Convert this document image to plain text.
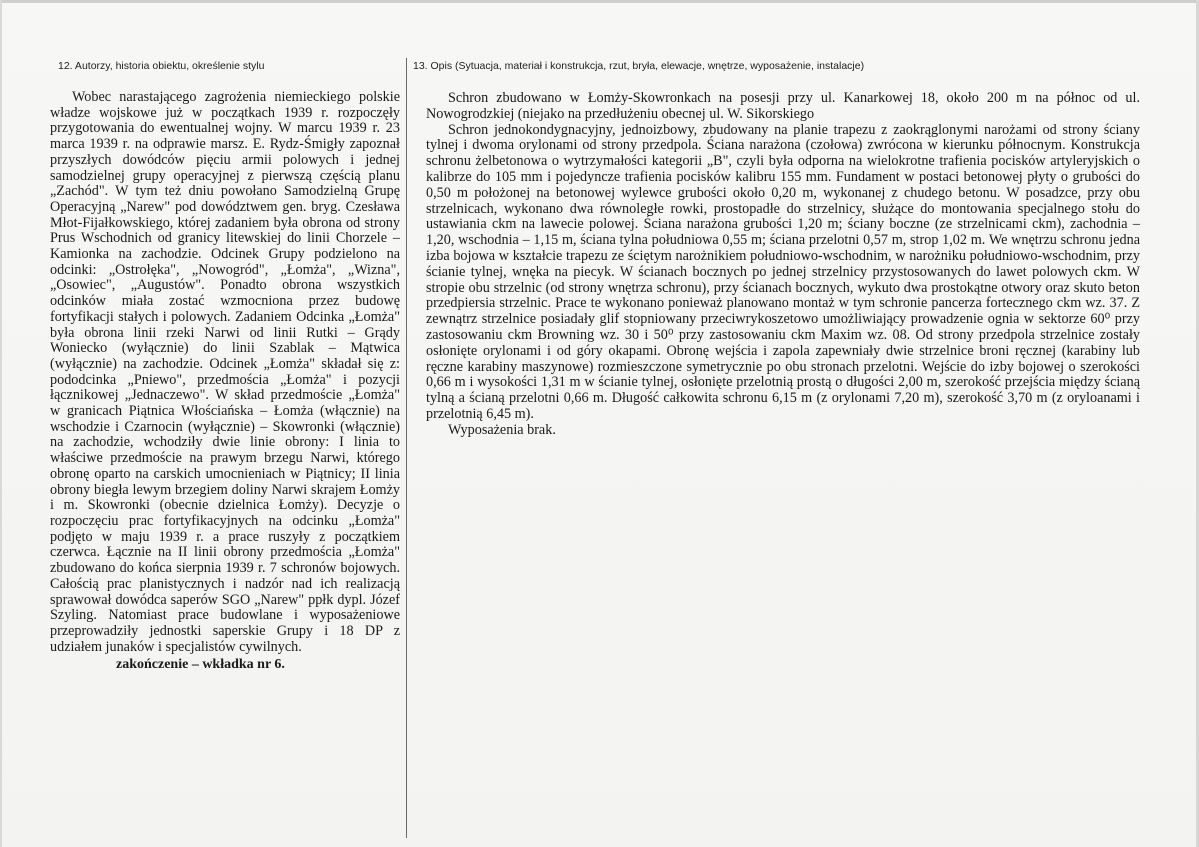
12. Autorzy, historia obiektu, określenie stylu	13. Opis (Sytuacja, materiał i konstrukcja, rzut, bryła, elewacje, wnętrze, wyposażenie, instalacje)

Wobec narastającego zagrożenia niemieckiego polskie władze wojskowe już w początkach 1939 r. rozpoczęły przygotowania do ewentualnej wojny. W marcu 1939 r. 23 marca 1939 r. na odprawie marsz. E. Rydz-Śmigły zapoznał przyszłych dowódców pięciu armii polowych i jednej samodzielnej grupy operacyjnej z pierwszą częścią planu „Zachód". W tym też dniu powołano Samodzielną Grupę Operacyjną „Narew" pod dowództwem gen. bryg. Czesława Młot-Fijałkowskiego, której zadaniem była obrona od strony Prus Wschodnich od granicy litewskiej do linii Chorzele – Kamionka na zachodzie. Odcinek Grupy podzielono na odcinki: „Ostrołęka", „Nowogród", „Łomża", „Wizna", „Osowiec", „Augustów". Ponadto obrona wszystkich odcinków miała zostać wzmocniona przez budowę fortyfikacji stałych i polowych. Zadaniem Odcinka „Łomża" była obrona linii rzeki Narwi od linii Rutki – Grądy Woniecko (wyłącznie) do linii Szablak – Mątwica (wyłącznie) na zachodzie. Odcinek „Łomża" składał się z: pododcinka „Pniewo", przedmościa „Łomża" i pozycji łącznikowej „Jednaczewo". W skład przedmoście „Łomża" w granicach Piątnica Włościańska – Łomża (włącznie) na wschodzie i Czarnocin (wyłącznie) – Skowronki (włącznie) na zachodzie, wchodziły dwie linie obrony: I linia to właściwe przedmoście na prawym brzegu Narwi, którego obronę oparto na carskich umocnieniach w Piątnicy; II linia obrony biegła lewym brzegiem doliny Narwi skrajem Łomży i m. Skowronki (obecnie dzielnica Łomży). Decyzje o rozpoczęciu prac fortyfikacyjnych na odcinku „Łomża" podjęto w maju 1939 r. a prace ruszyły z początkiem czerwca. Łącznie na II linii obrony przedmościa „Łomża" zbudowano do końca sierpnia 1939 r. 7 schronów bojowych. Całością prac planistycznych i nadzór nad ich realizacją sprawował dowódca saperów SGO „Narew" ppłk dypl. Józef Szyling. Natomiast prace budowlane i wyposażeniowe przeprowadziły jednostki saperskie Grupy i 18 DP z udziałem junaków i specjalistów cywilnych.

zakończenie – wkładka nr 6.

Schron zbudowano w Łomży-Skowronkach na posesji przy ul. Kanarkowej 18, około 200 m na północ od ul. Nowogrodzkiej (niejako na przedłużeniu obecnej ul. W. Sikorskiego

Schron jednokondygnacyjny, jednoizbowy, zbudowany na planie trapezu z zaokrąglonymi narożami od strony ściany tylnej i dwoma orylonami od strony przedpola. Ściana narażona (czołowa) zwrócona w kierunku północnym. Konstrukcja schronu żelbetonowa o wytrzymałości kategorii „B", czyli była odporna na wielokrotne trafienia pocisków artyleryjskich o kalibrze do 105 mm i pojedyncze trafienia pocisków kalibru 155 mm. Fundament w postaci betonowej płyty o grubości do 0,50 m położonej na betonowej wylewce grubości około 0,20 m, wykonanej z chudego betonu. W posadzce, przy obu strzelnicach, wykonano dwa równoległe rowki, prostopadłe do strzelnicy, służące do montowania specjalnego stołu do ustawiania ckm na lawecie polowej. Ściana narażona grubości 1,20 m; ściany boczne (ze strzelnicami ckm), zachodnia – 1,20, wschodnia – 1,15 m, ściana tylna południowa 0,55 m; ściana przelotni 0,57 m, strop 1,02 m. We wnętrzu schronu jedna izba bojowa w kształcie trapezu ze ściętym narożnikiem południowo-wschodnim, w narożniku południowo-wschodnim, przy ścianie tylnej, wnęka na piecyk. W ścianach bocznych po jednej strzelnicy przystosowanych do lawet polowych ckm. W stropie obu strzelnic (od strony wnętrza schronu), przy ścianach bocznych, wykuto dwa prostokątne otwory oraz skuto beton przedpiersia strzelnic. Prace te wykonano ponieważ planowano montaż w tym schronie pancerza fortecznego ckm wz. 37. Z zewnątrz strzelnice posiadały glif stopniowany przeciwrykoszetowo umożliwiający prowadzenie ognia w sektorze 60⁰ przy zastosowaniu ckm Browning wz. 30 i 50⁰ przy zastosowaniu ckm Maxim wz. 08. Od strony przedpola strzelnice zostały osłonięte orylonami i od góry okapami. Obronę wejścia i zapola zapewniały dwie strzelnice broni ręcznej (karabiny lub ręczne karabiny maszynowe) rozmieszczone symetrycznie po obu stronach przelotni. Wejście do izby bojowej o szerokości 0,66 m i wysokości 1,31 m w ścianie tylnej, osłonięte przelotnią prostą o długości 2,00 m, szerokość przejścia między ścianą tylną a ścianą przelotni 0,66 m. Długość całkowita schronu 6,15 m (z orylonami 7,20 m), szerokość 3,70 m (z oryloanami i przelotnią 6,45 m).

Wyposażenia brak.
